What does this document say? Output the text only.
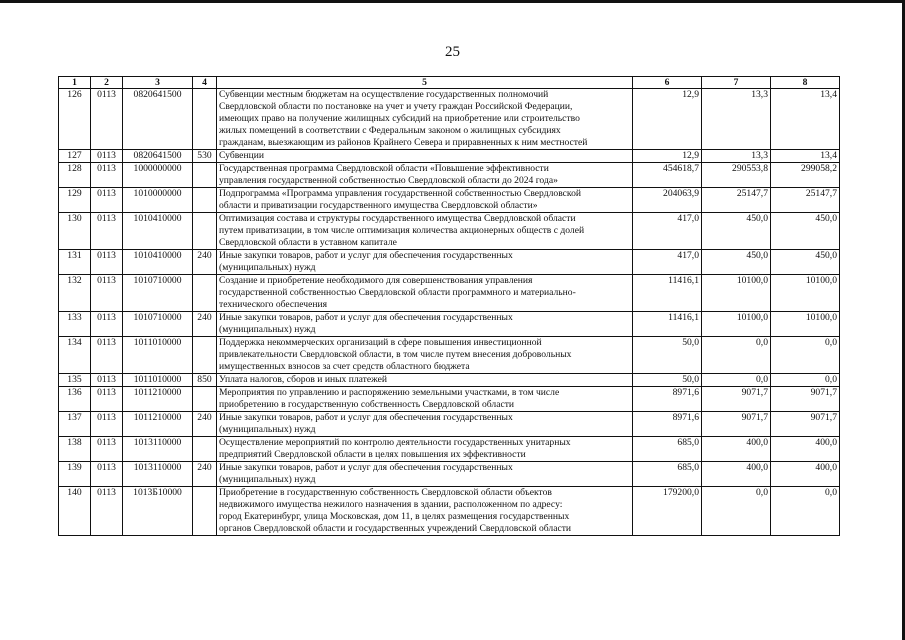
25
1	2	3	4	5	6	7	8
126	0113	0820641500		Субвенции местным бюджетам на осуществление государственных полномочий
Свердловской области по постановке на учет и учету граждан Российской Федерации,
имеющих право на получение жилищных субсидий на приобретение или строительство
жилых помещений в соответствии с Федеральным законом о жилищных субсидиях
гражданам, выезжающим из районов Крайнего Севера и приравненных к ним местностей	12,9	13,3	13,4
127	0113	0820641500	530	Субвенции	12,9	13,3	13,4
128	0113	1000000000		Государственная программа Свердловской области «Повышение эффективности
управления государственной собственностью Свердловской области до 2024 года»	454618,7	290553,8	299058,2
129	0113	1010000000		Подпрограмма «Программа управления государственной собственностью Свердловской
области и приватизации государственного имущества Свердловской области»	204063,9	25147,7	25147,7
130	0113	1010410000		Оптимизация состава и структуры государственного имущества Свердловской области
путем приватизации, в том числе оптимизация количества акционерных обществ с долей
Свердловской области в уставном капитале	417,0	450,0	450,0
131	0113	1010410000	240	Иные закупки товаров, работ и услуг для обеспечения государственных
(муниципальных) нужд	417,0	450,0	450,0
132	0113	1010710000		Создание и приобретение необходимого для совершенствования управления
государственной собственностью Свердловской области программного и материально-
технического обеспечения	11416,1	10100,0	10100,0
133	0113	1010710000	240	Иные закупки товаров, работ и услуг для обеспечения государственных
(муниципальных) нужд	11416,1	10100,0	10100,0
134	0113	1011010000		Поддержка некоммерческих организаций в сфере повышения инвестиционной
привлекательности Свердловской области, в том числе путем внесения добровольных
имущественных взносов за счет средств областного бюджета	50,0	0,0	0,0
135	0113	1011010000	850	Уплата налогов, сборов и иных платежей	50,0	0,0	0,0
136	0113	1011210000		Мероприятия по управлению и распоряжению земельными участками, в том числе
приобретению в государственную собственность Свердловской области	8971,6	9071,7	9071,7
137	0113	1011210000	240	Иные закупки товаров, работ и услуг для обеспечения государственных
(муниципальных) нужд	8971,6	9071,7	9071,7
138	0113	1013110000		Осуществление мероприятий по контролю деятельности государственных унитарных
предприятий Свердловской области в целях повышения их эффективности	685,0	400,0	400,0
139	0113	1013110000	240	Иные закупки товаров, работ и услуг для обеспечения государственных
(муниципальных) нужд	685,0	400,0	400,0
140	0113	1013Б10000		Приобретение в государственную собственность Свердловской области объектов
недвижимого имущества нежилого назначения в здании, расположенном по адресу:
город Екатеринбург, улица Московская, дом 11, в целях размещения государственных
органов Свердловской области и государственных учреждений Свердловской области	179200,0	0,0	0,0
